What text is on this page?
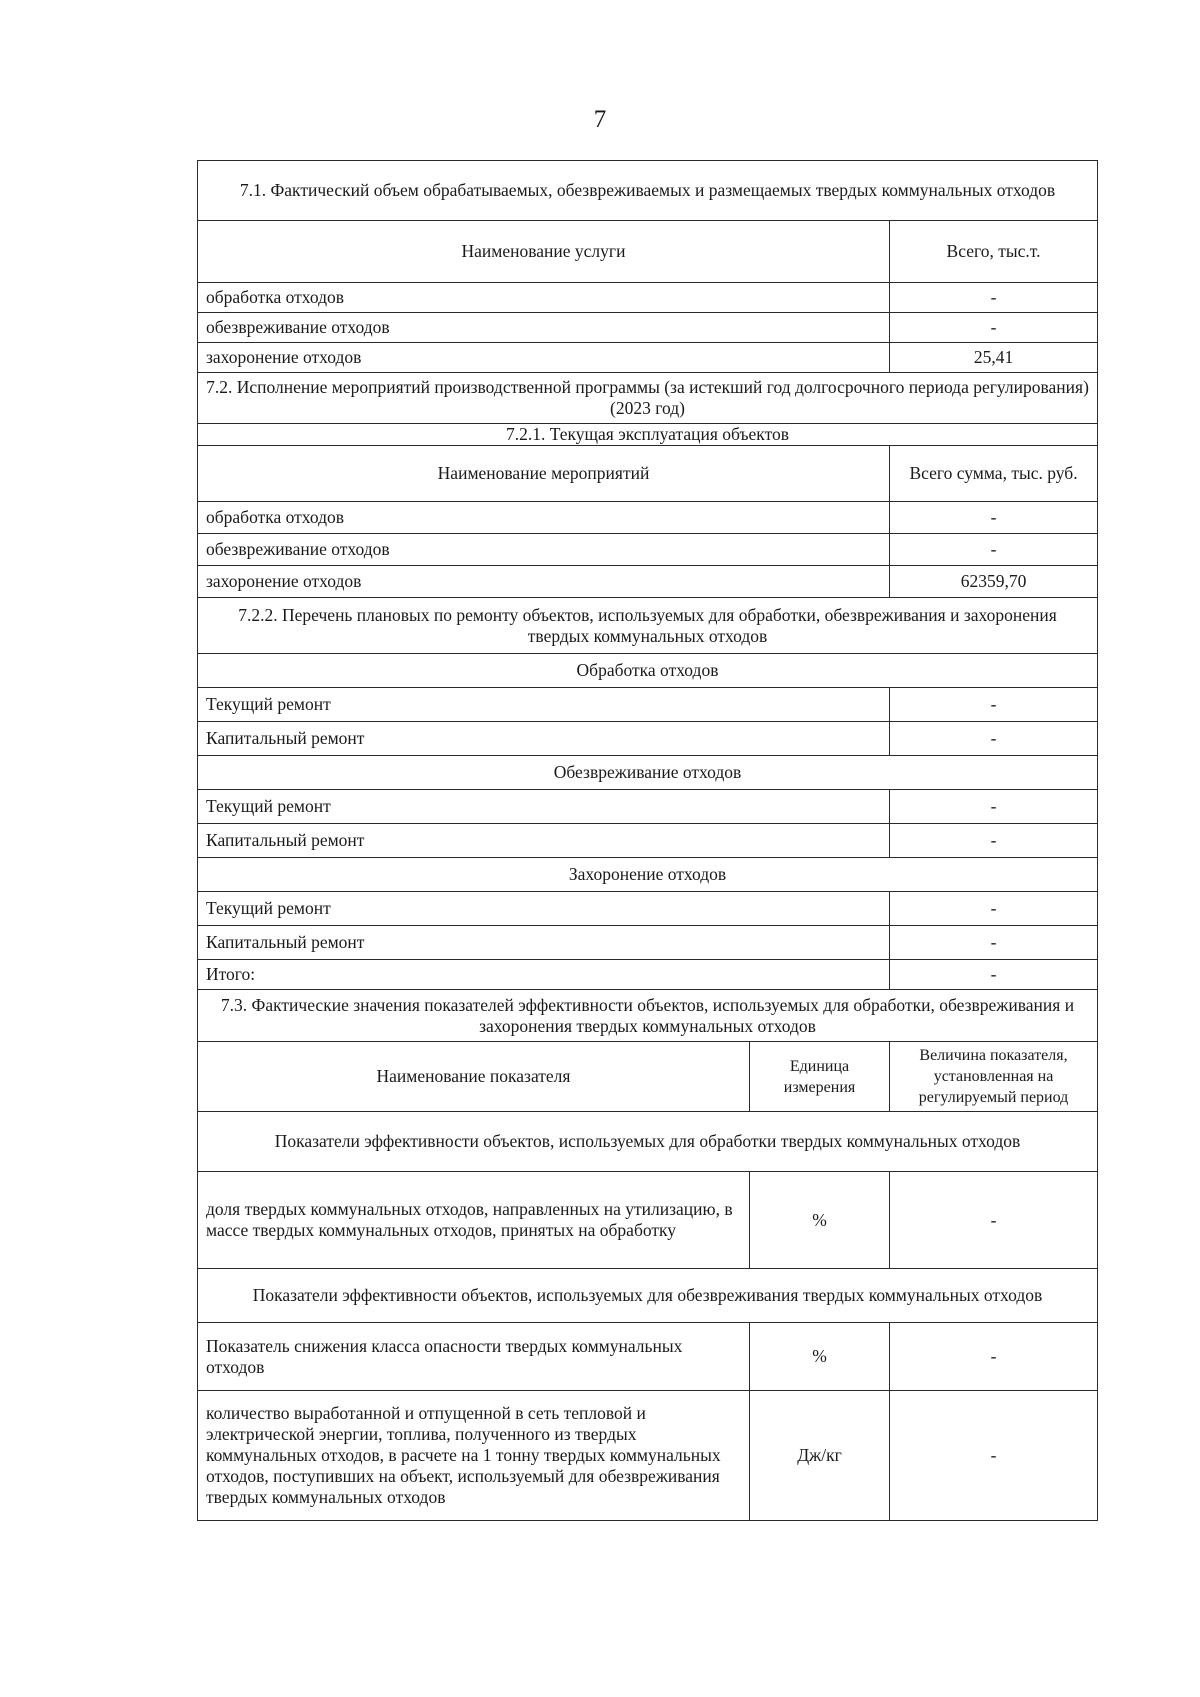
7
7.1. Фактический объем обрабатываемых, обезвреживаемых и размещаемых твердых коммунальных отходов		
Наименование услуги		Всего, тыс.т.
обработка отходов		-
обезвреживание отходов		-
захоронение отходов		25,41
7.2. Исполнение мероприятий производственной программы (за истекший год долгосрочного периода регулирования) (2023 год)		
7.2.1. Текущая эксплуатация объектов		
Наименование мероприятий		Всего сумма, тыс. руб.
обработка отходов		-
обезвреживание отходов		-
захоронение отходов		62359,70
7.2.2. Перечень плановых по ремонту объектов, используемых для обработки, обезвреживания и захоронения твердых коммунальных отходов		
Обработка отходов		
Текущий ремонт		-
Капитальный ремонт		-
Обезвреживание отходов		
Текущий ремонт		-
Капитальный ремонт		-
Захоронение отходов		
Текущий ремонт		-
Капитальный ремонт		-
Итого:		-
7.3. Фактические значения показателей эффективности объектов, используемых для обработки, обезвреживания и захоронения твердых коммунальных отходов		
Наименование показателя	Единица измерения	Величина показателя, установленная на регулируемый период
Показатели эффективности объектов, используемых для обработки твердых коммунальных отходов		
доля твердых коммунальных отходов, направленных на утилизацию, в массе твердых коммунальных отходов, принятых на обработку	%	-
Показатели эффективности объектов, используемых для обезвреживания твердых коммунальных отходов		
Показатель снижения класса опасности твердых коммунальных отходов	%	-
количество выработанной и отпущенной в сеть тепловой и электрической энергии, топлива, полученного из твердых коммунальных отходов, в расчете на 1 тонну твердых коммунальных отходов, поступивших на объект, используемый для обезвреживания твердых коммунальных отходов	Дж/кг	-
